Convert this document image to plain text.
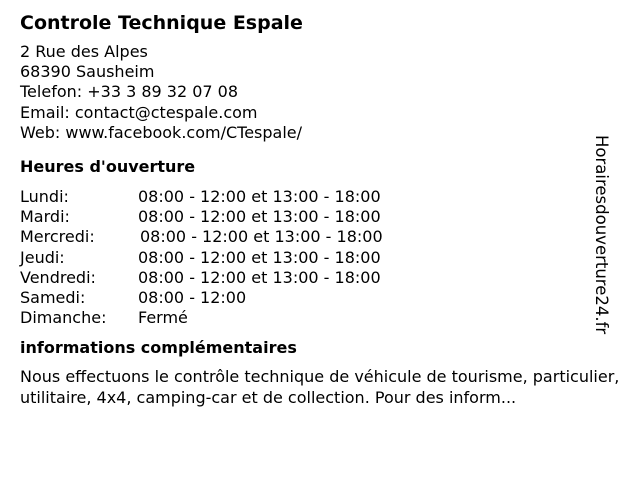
Controle Technique Espale
2 Rue des Alpes
68390 Sausheim
Telefon: +33 3 89 32 07 08
Email: contact@ctespale.com
Web: www.facebook.com/CTespale/
Heures d'ouverture
Lundi:	08:00 - 12:00 et 13:00 - 18:00
Mardi:	08:00 - 12:00 et 13:00 - 18:00
Mercredi:	08:00 - 12:00 et 13:00 - 18:00
Jeudi:	08:00 - 12:00 et 13:00 - 18:00
Vendredi:	08:00 - 12:00 et 13:00 - 18:00
Samedi:	08:00 - 12:00
Dimanche:	Fermé
informations complémentaires
Nous effectuons le contrôle technique de véhicule de tourisme, particulier, utilitaire, 4x4, camping-car et de collection. Pour des inform...
Horairesdouverture24.fr
